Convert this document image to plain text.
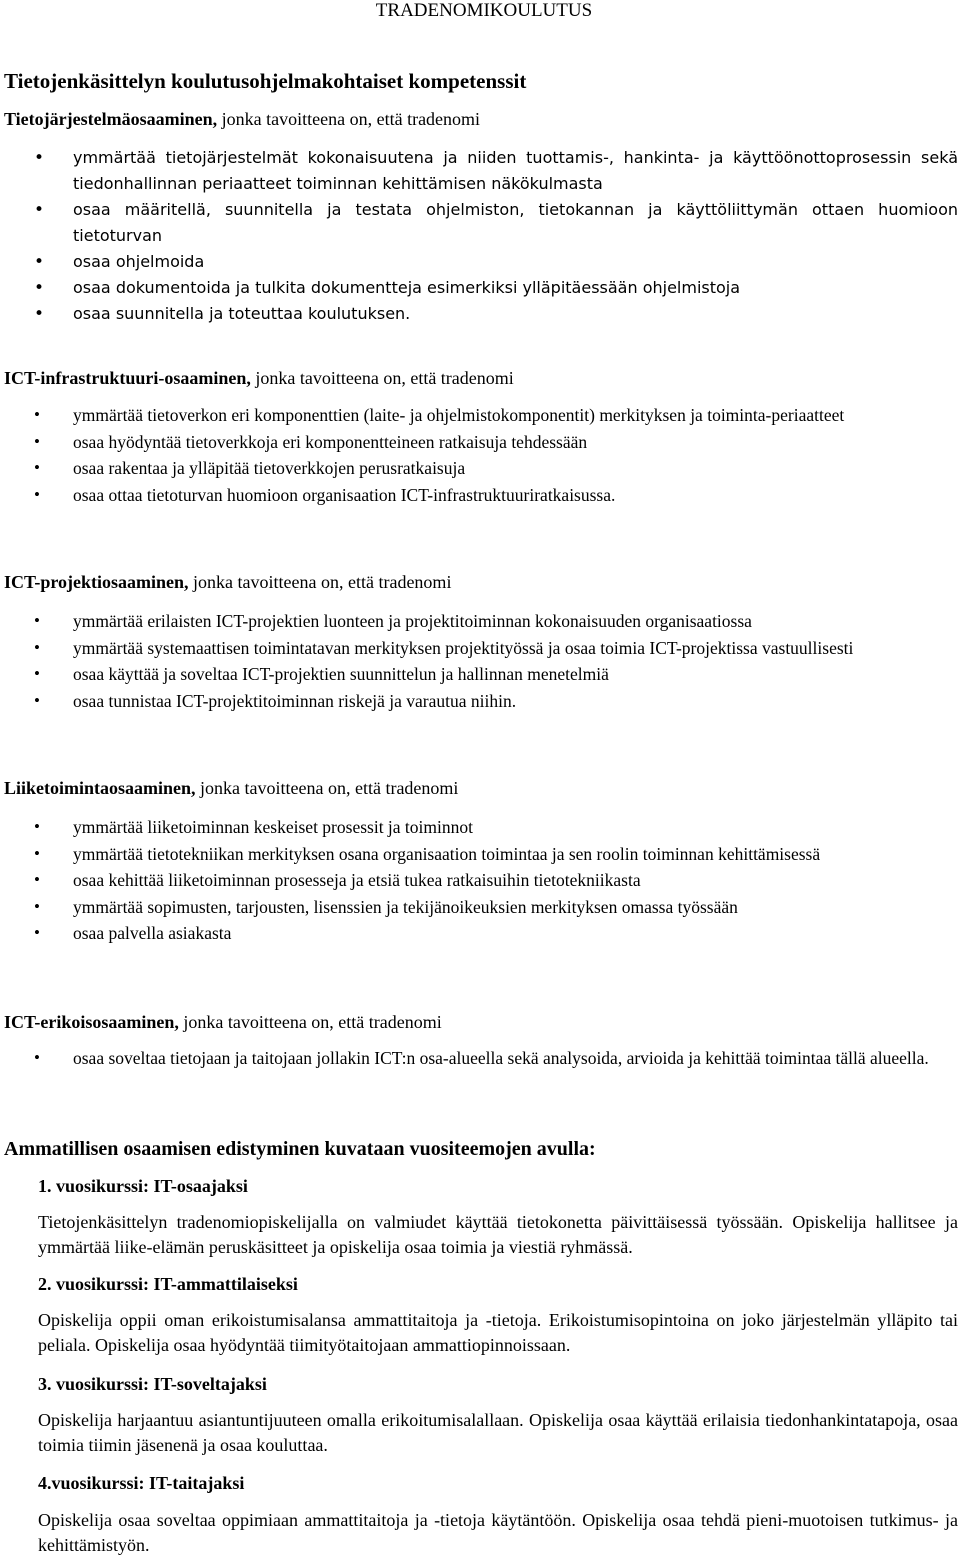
TRADENOMIKOULUTUS
Tietojenkäsittelyn koulutusohjelmakohtaiset kompetenssit
Tietojärjestelmäosaaminen, jonka tavoitteena on, että tradenomi
• ymmärtää tietojärjestelmät kokonaisuutena ja niiden tuottamis-, hankinta- ja käyttöönottoprosessin sekä tiedonhallinnan periaatteet toiminnan kehittämisen näkökulmasta
• osaa määritellä, suunnitella ja testata ohjelmiston, tietokannan ja käyttöliittymän ottaen huomioon tietoturvan
• osaa ohjelmoida
• osaa dokumentoida ja tulkita dokumentteja esimerkiksi ylläpitäessään ohjelmistoja
• osaa suunnitella ja toteuttaa koulutuksen.
ICT-infrastruktuuri-osaaminen, jonka tavoitteena on, että tradenomi
• ymmärtää tietoverkon eri komponenttien (laite- ja ohjelmistokomponentit) merkityksen ja toiminta-periaatteet
• osaa hyödyntää tietoverkkoja eri komponentteineen ratkaisuja tehdessään
• osaa rakentaa ja ylläpitää tietoverkkojen perusratkaisuja
• osaa ottaa tietoturvan huomioon organisaation ICT-infrastruktuuriratkaisussa.
ICT-projektiosaaminen, jonka tavoitteena on, että tradenomi
• ymmärtää erilaisten ICT-projektien luonteen ja projektitoiminnan kokonaisuuden organisaatiossa
• ymmärtää systemaattisen toimintatavan merkityksen projektityössä ja osaa toimia ICT-projektissa vastuullisesti
• osaa käyttää ja soveltaa ICT-projektien suunnittelun ja hallinnan menetelmiä
• osaa tunnistaa ICT-projektitoiminnan riskejä ja varautua niihin.
Liiketoimintaosaaminen, jonka tavoitteena on, että tradenomi
• ymmärtää liiketoiminnan keskeiset prosessit ja toiminnot
• ymmärtää tietotekniikan merkityksen osana organisaation toimintaa ja sen roolin toiminnan kehittämisessä
• osaa kehittää liiketoiminnan prosesseja ja etsiä tukea ratkaisuihin tietotekniikasta
• ymmärtää sopimusten, tarjousten, lisenssien ja tekijänoikeuksien merkityksen omassa työssään
• osaa palvella asiakasta
ICT-erikoisosaaminen, jonka tavoitteena on, että tradenomi
• osaa soveltaa tietojaan ja taitojaan jollakin ICT:n osa-alueella sekä analysoida, arvioida ja kehittää toimintaa tällä alueella.
Ammatillisen osaamisen edistyminen kuvataan vuositeemojen avulla:
1. vuosikurssi: IT-osaajaksi
Tietojenkäsittelyn tradenomiopiskelijalla on valmiudet käyttää tietokonetta päivittäisessä työssään. Opiskelija hallitsee ja ymmärtää liike-elämän peruskäsitteet ja opiskelija osaa toimia ja viestiä ryhmässä.
2. vuosikurssi: IT-ammattilaiseksi
Opiskelija oppii oman erikoistumisalansa ammattitaitoja ja -tietoja. Erikoistumisopintoina on joko järjestelmän ylläpito tai peliala. Opiskelija osaa hyödyntää tiimityötaitojaan ammattiopinnoissaan.
3. vuosikurssi: IT-soveltajaksi
Opiskelija harjaantuu asiantuntijuuteen omalla erikoitumisalallaan. Opiskelija osaa käyttää erilaisia tiedonhankintatapoja, osaa toimia tiimin jäsenenä ja osaa kouluttaa.
4.vuosikurssi: IT-taitajaksi
Opiskelija osaa soveltaa oppimiaan ammattitaitoja ja -tietoja käytäntöön. Opiskelija osaa tehdä pieni-muotoisen tutkimus- ja kehittämistyön.
